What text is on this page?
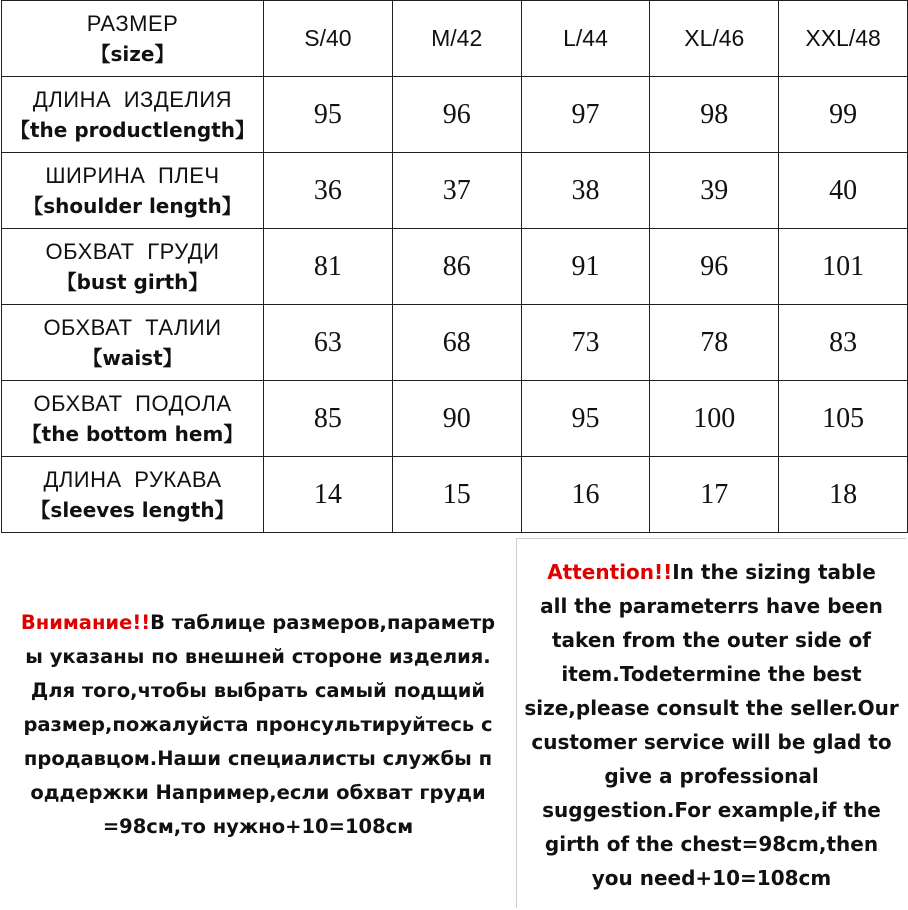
РАЗМЕР
【size】	S/40	M/42	L/44	XL/46	XXL/48

ДЛИНА ИЗДЕЛИЯ
【the productlength】	95	96	97	98	99

ШИРИНА ПЛЕЧ
【shoulder length】	36	37	38	39	40

ОБХВАТ ГРУДИ
【bust girth】	81	86	91	96	101

ОБХВАТ ТАЛИИ
【waist】	63	68	73	78	83

ОБХВАТ ПОДОЛА
【the bottom hem】	85	90	95	100	105

ДЛИНА РУКАВА
【sleeves length】	14	15	16	17	18
Внимание!!В таблице размеров,параметр
ы указаны по внешней стороне изделия.
Для того,чтобы выбрать самый подщий
размер,пожалуйста пронсультируйтесь с
продавцом.Наши специалисты службы п
оддержки Например,если обхват груди
=98см,то нужно+10=108см
Attention!!In the sizing table
all the parameterrs have been
taken from the outer side of
item.Todetermine the best
size,please consult the seller.Our
customer service will be glad to
give a professional
suggestion.For example,if the
girth of the chest=98cm,then
you need+10=108cm
